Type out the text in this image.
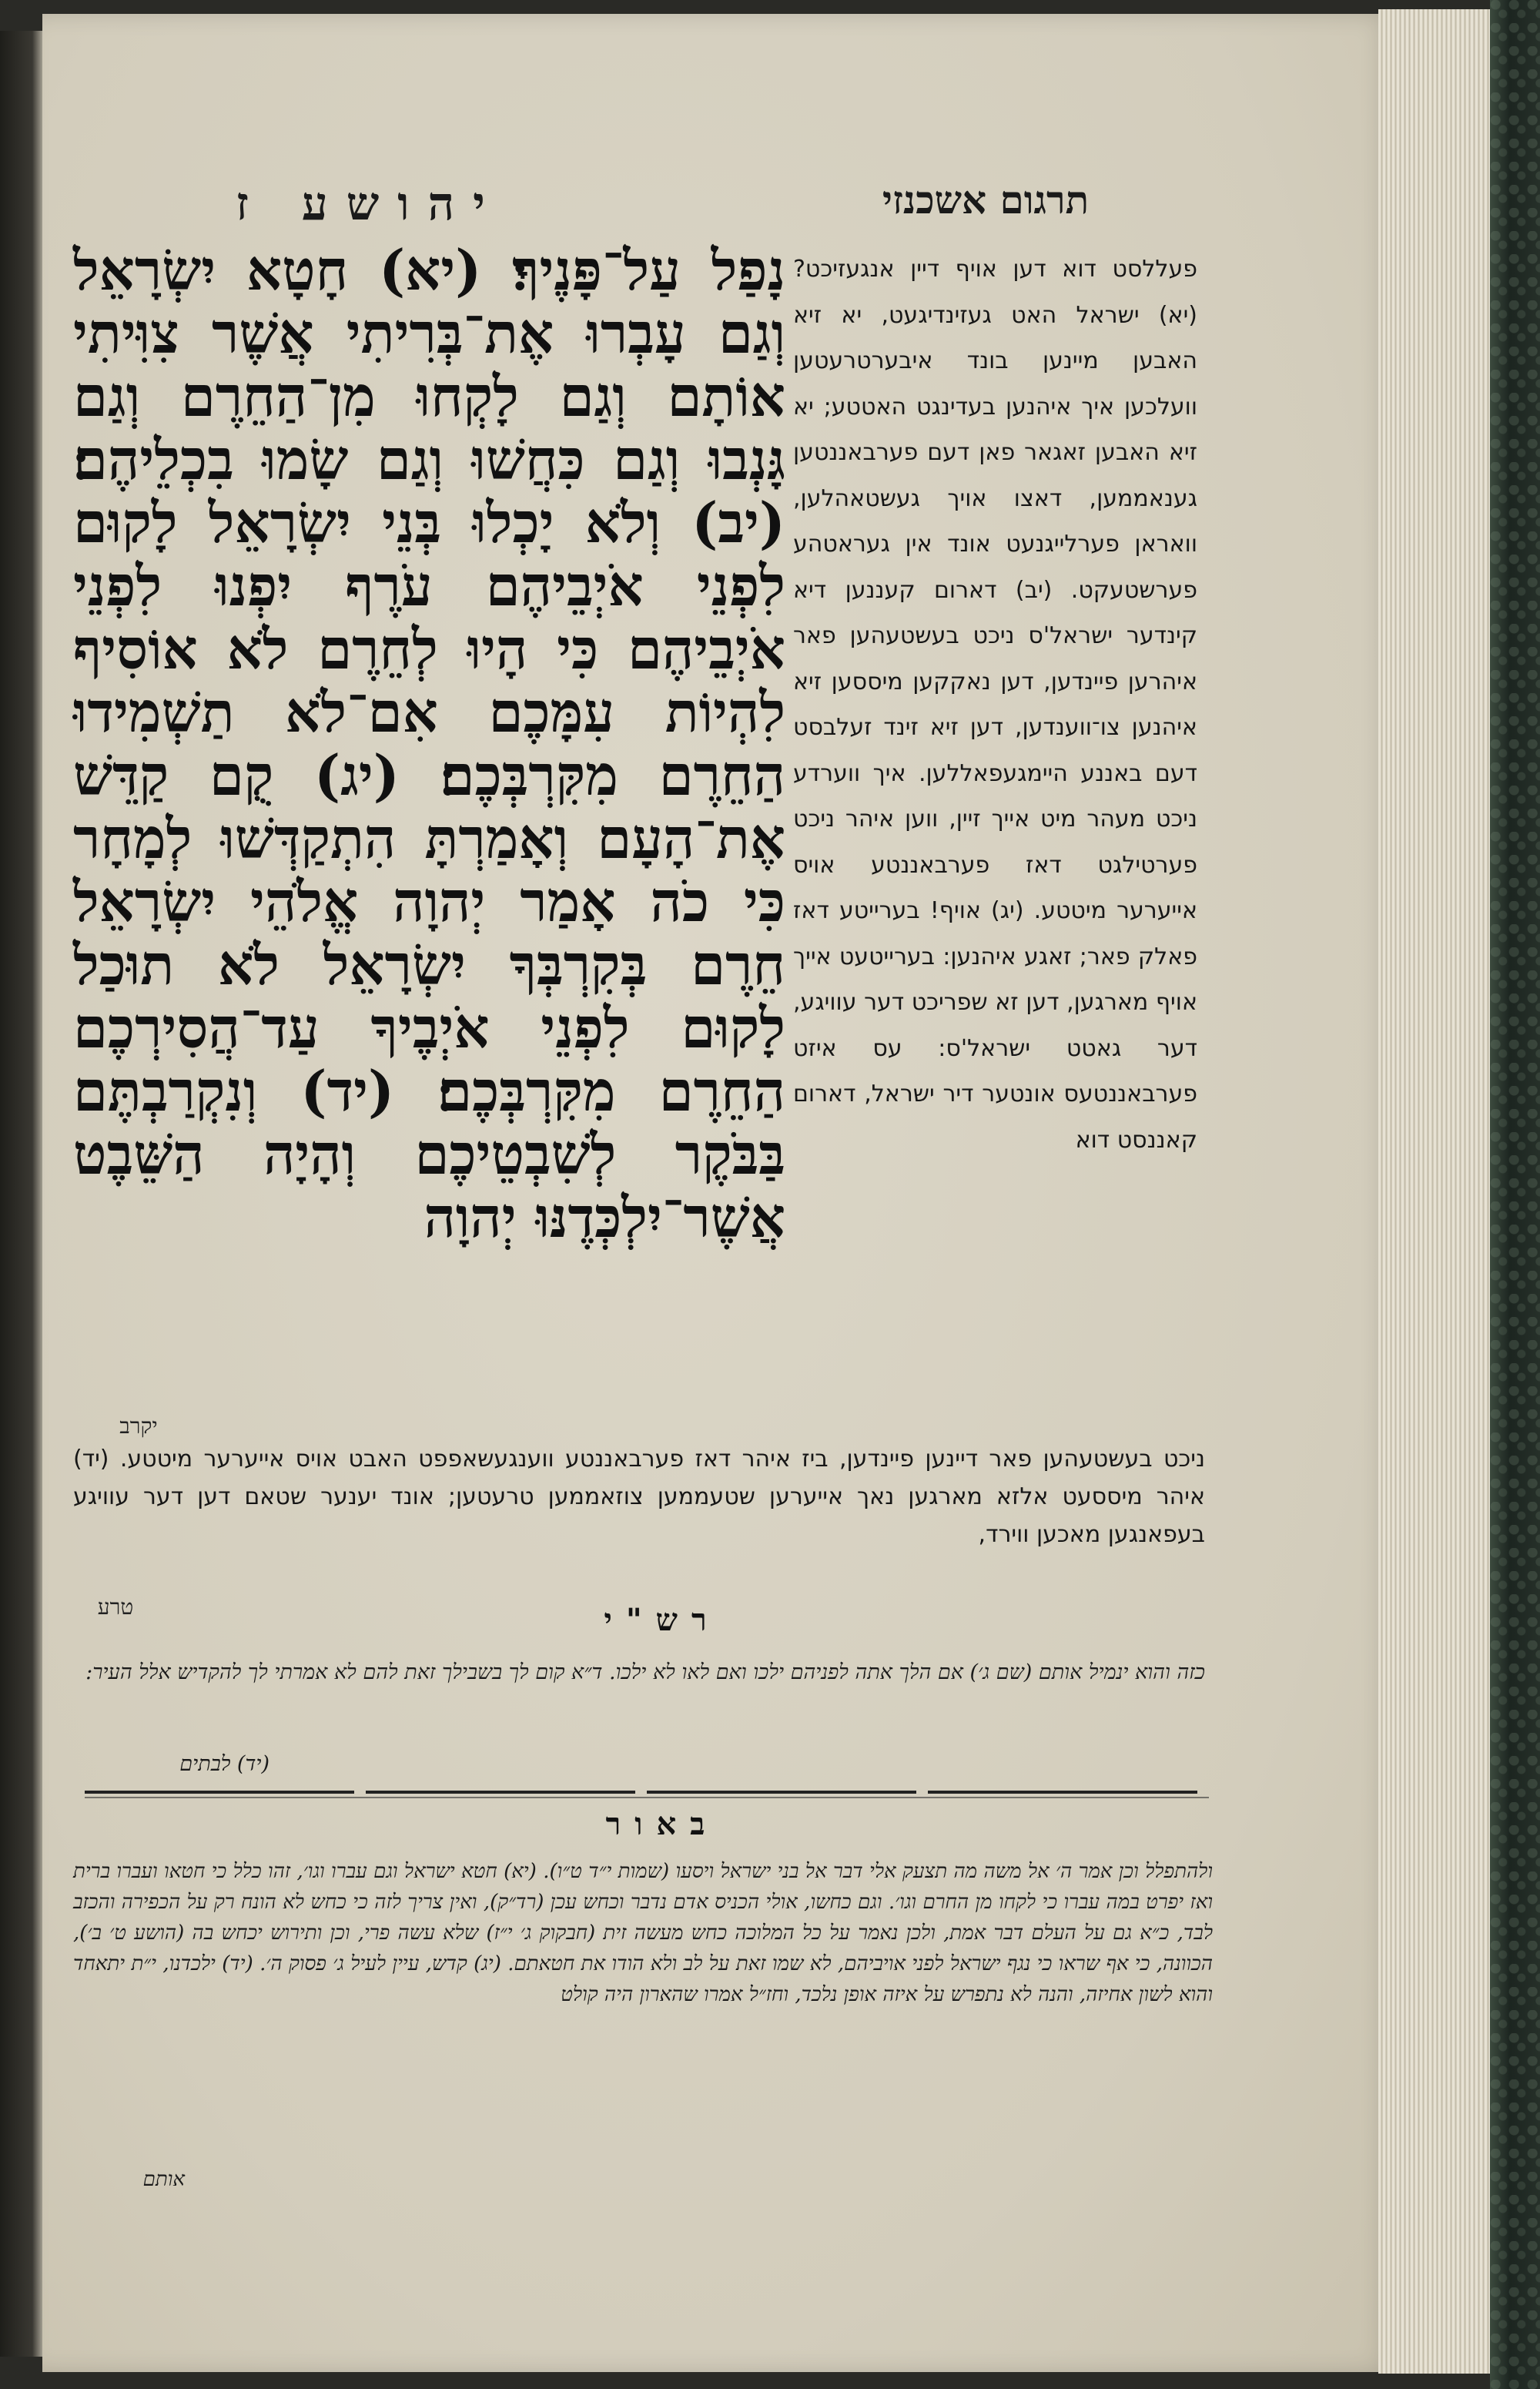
תרגום אשכנזי
יהושע ז
נָפַל עַל־פָּנֶיךָ׃ (יא) חָטָא יִשְׂרָאֵל וְגַם עָבְרוּ אֶת־בְּרִיתִי אֲשֶׁר צִוִּיתִי אוֹתָם וְגַם לָקְחוּ מִן־הַחֵרֶם וְגַם גָּנְבוּ וְגַם כִּחֲשׁוּ וְגַם שָׂמוּ בִכְלֵיהֶם׃ (יב) וְלֹא יָכְלוּ בְּנֵי יִשְׂרָאֵל לָקוּם לִפְנֵי אֹיְבֵיהֶם עֹרֶף יִפְנוּ לִפְנֵי אֹיְבֵיהֶם כִּי הָיוּ לְחֵרֶם לֹא אוֹסִיף לִהְיוֹת עִמָּכֶם אִם־לֹא תַשְׁמִידוּ הַחֵרֶם מִקִּרְבְּכֶם׃ (יג) קֻם קַדֵּשׁ אֶת־הָעָם וְאָמַרְתָּ הִתְקַדְּשׁוּ לְמָחָר כִּי כֹה אָמַר יְהוָה אֱלֹהֵי יִשְׂרָאֵל חֵרֶם בְּקִרְבְּךָ יִשְׂרָאֵל לֹא תוּכַל לָקוּם לִפְנֵי אֹיְבֶיךָ עַד־הֲסִירְכֶם הַחֵרֶם מִקִּרְבְּכֶם׃ (יד) וְנִקְרַבְתֶּם בַּבֹּקֶר לְשִׁבְטֵיכֶם וְהָיָה הַשֵּׁבֶט אֲשֶׁר־יִלְכְּדֶנּוּ יְהוָה
פעללסט דוא דען אויף דיין אנגעזיכט? (יא) ישראל האט געזינדיגעט, יא זיא האבען מיינען בונד איבערטרעטען וועלכען איך איהנען בעדינגט האטטע; יא זיא האבען זאגאר פאן דעם פערבאננטען גענאממען, דאצו אויך געשטאהלען, וואראן פערלייגנעט אונד אין געראטהע פערשטעקט. (יב) דארום קעננען דיא קינדער ישראל'ס ניכט בעשטעהען פאר איהרען פיינדען, דען נאקקען מיססען זיא איהנען צו־ווענדען, דען זיא זינד זעלבסט דעם באננע היימגעפאללען. איך ווערדע ניכט מעהר מיט אייך זיין, ווען איהר ניכט פערטילגט דאז פערבאננטע אויס אייערער מיטטע. (יג) אויף! בערייטע דאז פאלק פאר; זאגע איהנען: בערייטעט אייך אויף מארגען, דען זא שפריכט דער עוויגע, דער גאטט ישראל'ס: עס איזט פערבאננטעס אונטער דיר ישראל, דארום קאננסט דוא
יקרב
ניכט בעשטעהען פאר דיינען פיינדען, ביז איהר דאז פערבאננטע ווענגעשאפפט האבט אויס אייערער מיטטע. (יד) איהר מיססעט אלזא מארגען נאך אייערען שטעממען צוזאממען טרעטען; אונד יענער שטאם דען דער עוויגע בעפאנגען מאכען ווירד,
טרע	רש"י
כזה והוא ינמיל אותם (שם ג׳) אם הלך אתה לפניהם ילכו ואם לאו לא ילכו. ד״א קום לך בשבילך זאת להם לא אמרתי לך להקדיש אלל העיר:
(יד) לבתים
באור
ולהתפלל וכן אמר ה׳ אל משה מה תצעק אלי דבר אל בני ישראל ויסעו (שמות י״ד ט״ו). (יא) חטא ישראל וגם עברו וגו׳, זהו כלל כי חטאו ועברו ברית ואז יפרט במה עברו כי לקחו מן החרם וגו׳. וגם כחשו, אולי הכניס אדם נדבר וכחש עכן (רד״ק), ואין צריך לזה כי כחש לא הונח רק על הכפירה והכזב לבד, כ״א גם על העלם דבר אמת, ולכן נאמר על כל המלוכה כחש מעשה זית (חבקוק ג׳ י״ז) שלא עשה פרי, וכן ותירוש יכחש בה (הושע ט׳ ב׳), הכוונה, כי אף שראו כי נגף ישראל לפני אויביהם, לא שמו זאת על לב ולא הודו את חטאתם. (יג) קדש, עיין לעיל ג׳ פסוק ה׳. (יד) ילכדנו, י״ת יתאחד והוא לשון אחיזה, והנה לא נתפרש על איזה אופן נלכד, וחז״ל אמרו שהארון היה קולט
אותם
